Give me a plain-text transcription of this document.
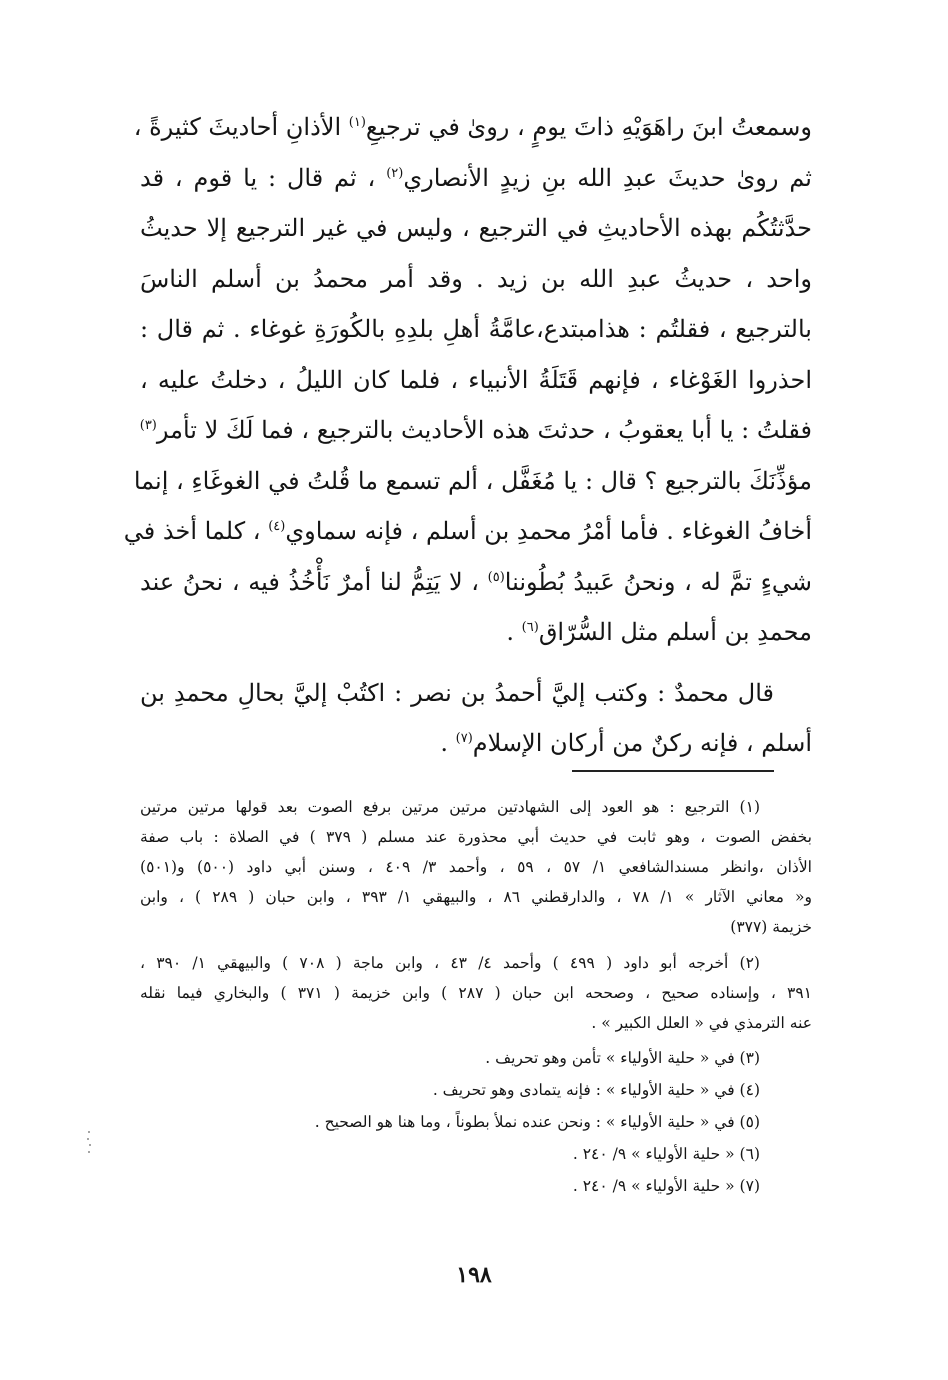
وسمعتُ ابنَ راهَوَيْهِ ذاتَ يومٍ ، روىٰ في ترجيعِ$^{(١)}$ الأذانِ أحاديثَ كثيرةً ،
ثم روىٰ حديثَ عبدِ الله بنِ زيدٍ الأنصاري$^{(٢)}$ ، ثم قال : يا قوم ، قد
حدَّثتُكُم بهذه الأحاديثِ في الترجيع ، وليس في غير الترجيع إلا حديثُ
واحد ، حديثُ عبدِ الله بن زيد . وقد أمر محمدُ بن أسلم الناسَ
بالترجيع ، فقلتُم : هذامبتدع،عامَّةُ أهلِ بلدِهِ بالكُورَةِ غوغاء . ثم قال :
احذروا الغَوْغاء ، فإنهم قَتَلَةُ الأنبياء ، فلما كان الليلُ ، دخلتُ عليه ،
فقلتُ : يا أبا يعقوبُ ، حدثتَ هذه الأحاديث بالترجيع ، فما لَكَ لا تأمر$^{(٣)}$
مؤذِّنَكَ بالترجيع ؟ قال : يا مُغَفَّل ، ألم تسمع ما قُلتُ في الغوغَاءِ ، إنما
أخافُ الغوغاء . فأما أمْرُ محمدِ بن أسلم ، فإنه سماوي$^{(٤)}$ ، كلما أخذ في
شيءٍ تمَّ له ، ونحنُ عَبيدُ بُطُوننا$^{(٥)}$ ، لا يَتِمُّ لنا أمرٌ نَأْخُذُ فيه ، نحنُ عند
محمدِ بن أسلم مثل السُّرّاق$^{(٦)}$ .
قال محمدٌ : وكتب إليَّ أحمدُ بن نصر : اكتُبْ إليَّ بحالِ محمدِ بن
أسلم ، فإنه ركنٌ من أركان الإسلام$^{(٧)}$ .
(١) الترجيع : هو العود إلى الشهادتين مرتين مرتين برفع الصوت بعد قولها مرتين مرتين
بخفض الصوت ، وهو ثابت في حديث أبي محذورة عند مسلم ( ٣٧٩ ) في الصلاة : باب صفة
الأذان ،وانظر مسندالشافعي ١/ ٥٧ ، ٥٩ ، وأحمد ٣/ ٤٠٩ ، وسنن أبي داود (٥٠٠) و(٥٠١)
و« معاني الآثار » ١/ ٧٨ ، والدارقطني ٨٦ ، والبيهقي ١/ ٣٩٣ ، وابن حبان ( ٢٨٩ ) ، وابن
خزيمة (٣٧٧)
(٢) أخرجه أبو داود ( ٤٩٩ ) وأحمد ٤/ ٤٣ ، وابن ماجة ( ٧٠٨ ) والبيهقي ١/ ٣٩٠ ،
٣٩١ ، وإسناده صحيح ، وصححه ابن حبان ( ٢٨٧ ) وابن خزيمة ( ٣٧١ ) والبخاري فيما نقله
عنه الترمذي في « العلل الكبير » .
(٣) في « حلية الأولياء » تأمن وهو تحريف .
(٤) في « حلية الأولياء » : فإنه يتمادى وهو تحريف .
(٥) في « حلية الأولياء » : ونحن عنده نملأ بطوناً ، وما هنا هو الصحيح .
(٦) « حلية الأولياء » ٩/ ٢٤٠ .
(٧) « حلية الأولياء » ٩/ ٢٤٠ .
١٩٨
